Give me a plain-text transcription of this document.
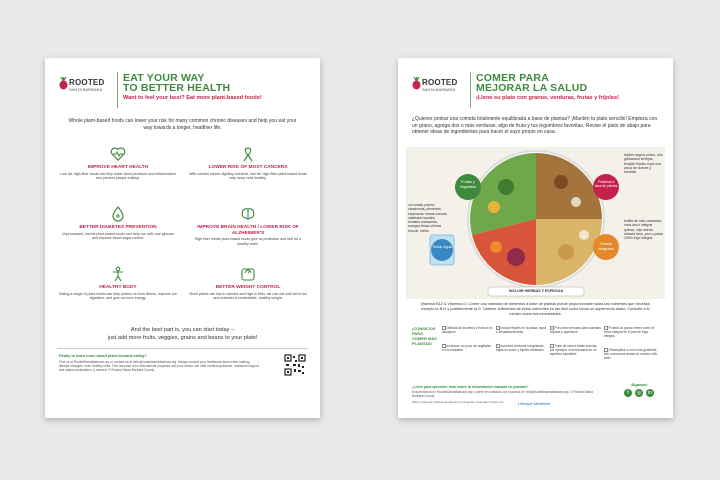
ROOTED
SANTA BARBARA
EAT YOUR WAY
TO BETTER HEALTH
Want to feel your best? Eat more plant-based foods!
Whole plant-based foods can lower your risk for many common chronic diseases and help you eat your way towards a longer, healthier life.
IMPROVE HEART HEALTH
Low fat, high fiber foods can help lower blood pressure and inflammation and prevent plaque buildup.
LOWER RISK OF MOST CANCERS
With colorful cancer-fighting nutrients, low fat, high fiber plant-based foods help keep cells healthy.
BETTER DIABETES PREVENTION
Unprocessed, low fat plant-based foods can help our cells use glucose and improve blood sugar control.
IMPROVE BRAIN HEALTH / LOWER RISK OF ALZHEIMER'S
High fiber whole plant-based foods give us protection and fuel for a healthy brain.
HEALTHY BODY
Eating a range of plant-foods can help protect us from illness, improve our digestion, and give us more energy.
BETTER WEIGHT CONTROL
Since plants are low in calories and high in fiber, we can eat until we're full and maintain a comfortable, healthy weight.
And the best part is, you can start today –
just add more fruits, veggies, grains and beans to your plate!
Ready to learn more about plant-forward eating?
Find us at RootedSantaBarbara.org or contact us at hello@rootedsantabarbara.org. Always consult your healthcare team when making lifestyle changes, even healthy ones. This resource is for educational purposes and your doctor can offer medical guidance. Individual support and adjust medications, if needed. © Rooted Santa Barbara County
ROOTED
SANTA BARBARA
COMER PARA
MEJORAR LA SALUD
¡Llene su plato con granos, verduras, frutas y frijoles!
¿Quieres probar una comida totalmente equilibrada a base de plantas? ¡Mantén tu plato sencillo! Empieza con un grano, agrega dos o más verduras, algo de fruta y tus legumbres favoritas. Revise el plato de abajo para obtener ideas de ingredientes para hacer el suyo propio en casa.
Frutas y Vegetales
Proteínas a base de plantas
Granos integrales
Tomar Agua
INCLUIR HIERBAS Y ESPECIAS
col rizada, pepino zanahorias, pimientos espinacas, moras camote, calabaza nopales, tomates manzanas, mangos frutas cítricas brócoli, melón
frijoles negros pintos, tofu garbanzos lentejas, tempeh frijoles rojos una pizca de nueces y semillas
tortilla de maíz amaranto, maíz arroz integral quinoa, mijo avena, cebada farro, pan o pasta 100% trigo integral
Vitamina B12 & Vitamina D: Comer una variedad de alimentos a base de plantas puede proporcionarle todas las nutrientes que necesita, excepto la B12 y posiblemente la D. Obtener suficientes de estos nutrientes es tan fácil como tomar un suplemento diario. Consulte a tu médico sobre tus necesidades.
¡CONSEJOS PARA COMER MÁS PLANTAS!
Disfruta de la avena y fruta en el desayuno
Incluye frijoles en la pasta, sopa o ensalada favorita
Pre-corta verduras para comidas rápidas y aperitivos
Prueba un grano entero como el arroz integral en el pan de trigo integral
Incorpore un poco de vegetales en la ensalada
Acumula verduras congeladas bajas en sodio y frijoles enlatados
Trate de comer frutas enteras, por ejemplo, una manzana en un aperitivo saludable
¡Reemplace a una cena grasienta frito una nueva receta en nuestro sitio web!
¿Listo para aprender más sobre la alimentación basada en plantas?
Encuéntranos en RootedSantaBarbara.org o ponte en contacto con nosotros en hola@rootedsantabarbara.org. © Rooted Santa Barbara County
¡Síganos!
f	◎	in
Plato a base de plantas de alimentos integrales originales inside.com	Lifestyle Medicine
